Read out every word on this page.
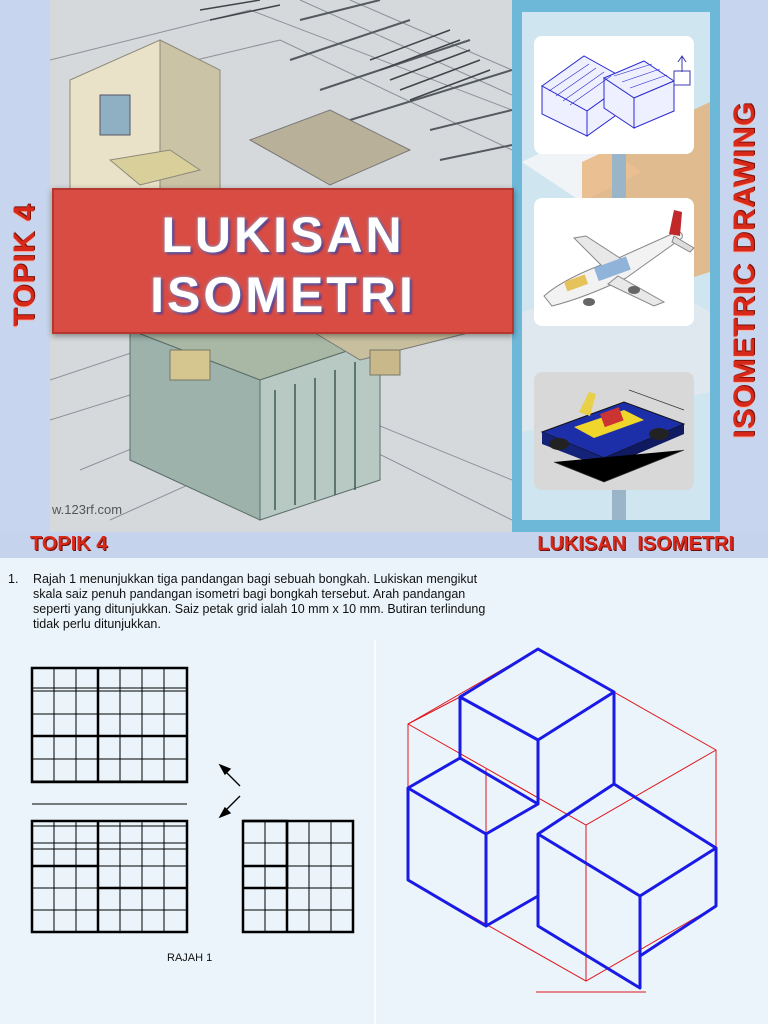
LUKISAN
ISOMETRI
TOPIK 4	ISOMETRIC DRAWING
w.123rf.com
TOPIK 4	LUKISAN  ISOMETRI
1. Rajah 1 menunjukkan tiga pandangan bagi sebuah bongkah. Lukiskan mengikut skala saiz penuh pandangan isometri bagi bongkah tersebut. Arah pandangan seperti yang ditunjukkan. Saiz petak grid ialah 10 mm x 10 mm. Butiran terlindung tidak perlu ditunjukkan.
RAJAH 1
